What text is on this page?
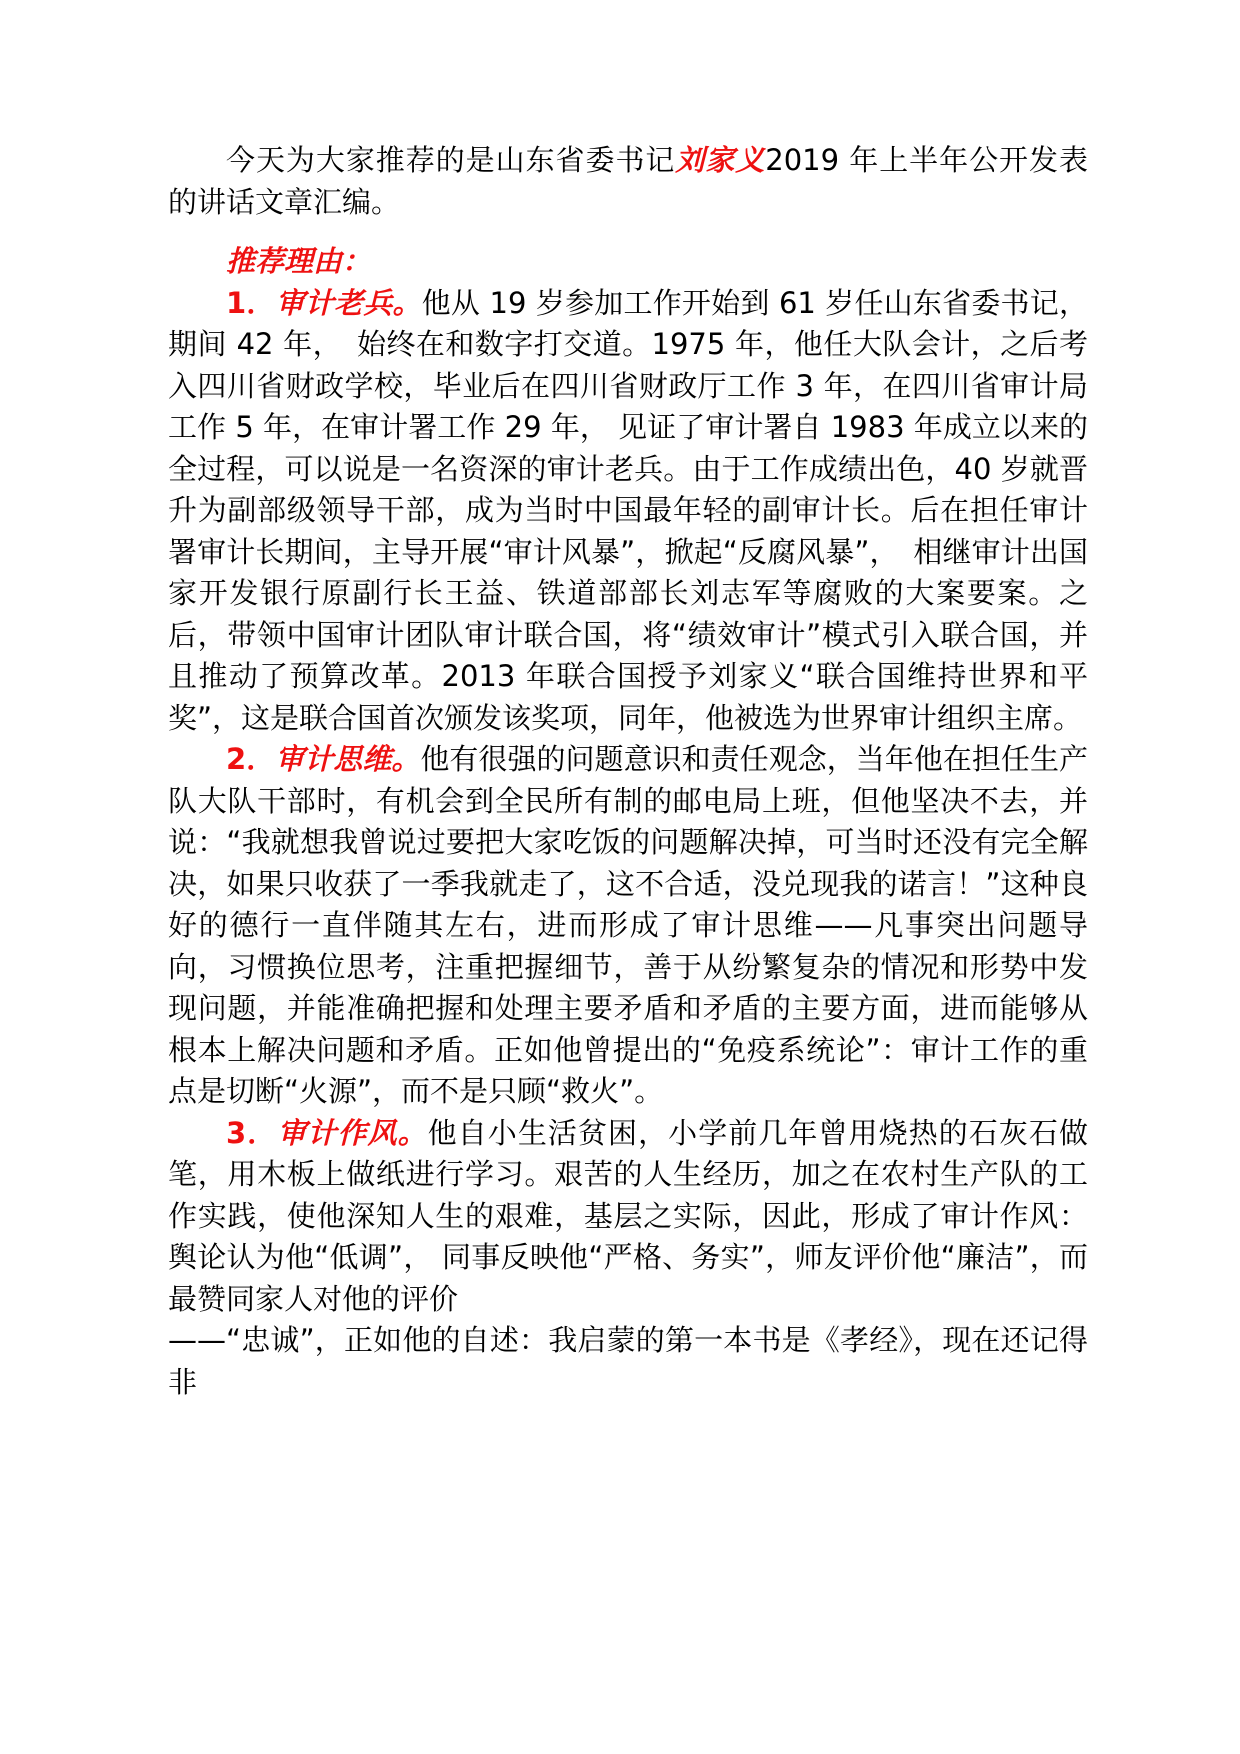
今天为大家推荐的是山东省委书记刘家义2019 年上半年公开发表的讲话文章汇编。

推荐理由：

1．审计老兵。他从 19 岁参加工作开始到 61 岁任山东省委书记，期间 42 年，　始终在和数字打交道。1975 年，他任大队会计，之后考入四川省财政学校，毕业后在四川省财政厅工作 3 年，在四川省审计局工作 5 年，在审计署工作 29 年， 见证了审计署自 1983 年成立以来的全过程，可以说是一名资深的审计老兵。由于工作成绩出色，40 岁就晋升为副部级领导干部，成为当时中国最年轻的副审计长。后在担任审计署审计长期间，主导开展“审计风暴”，掀起“反腐风暴”，　相继审计出国家开发银行原副行长王益、铁道部部长刘志军等腐败的大案要案。之后，带领中国审计团队审计联合国，将“绩效审计”模式引入联合国，并且推动了预算改革。2013 年联合国授予刘家义“联合国维持世界和平奖”，这是联合国首次颁发该奖项，同年，他被选为世界审计组织主席。

2．审计思维。他有很强的问题意识和责任观念，当年他在担任生产队大队干部时，有机会到全民所有制的邮电局上班，但他坚决不去，并说：“我就想我曾说过要把大家吃饭的问题解决掉，可当时还没有完全解决，如果只收获了一季我就走了，这不合适，没兑现我的诺言！”这种良好的德行一直伴随其左右，进而形成了审计思维——凡事突出问题导向，习惯换位思考，注重把握细节，善于从纷繁复杂的情况和形势中发现问题，并能准确把握和处理主要矛盾和矛盾的主要方面，进而能够从根本上解决问题和矛盾。正如他曾提出的“免疫系统论”：审计工作的重点是切断“火源”，而不是只顾“救火”。

3．审计作风。他自小生活贫困，小学前几年曾用烧热的石灰石做笔，用木板上做纸进行学习。艰苦的人生经历，加之在农村生产队的工作实践，使他深知人生的艰难，基层之实际，因此，形成了审计作风：舆论认为他“低调”， 同事反映他“严格、务实”，师友评价他“廉洁”，而最赞同家人对他的评价

——“忠诚”，正如他的自述：我启蒙的第一本书是《孝经》，现在还记得非
